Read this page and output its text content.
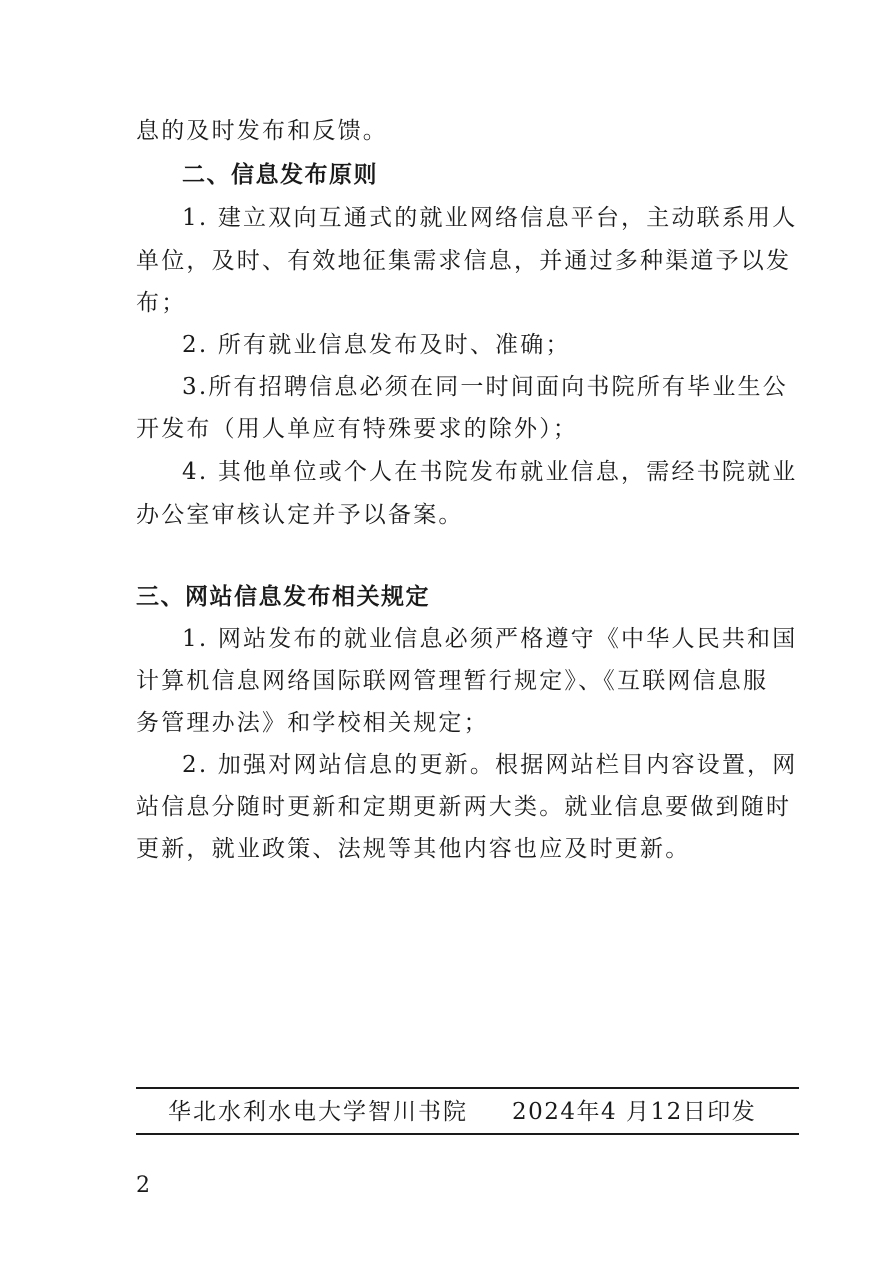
息的及时发布和反馈。
二、信息发布原则
1. 建立双向互通式的就业网络信息平台，主动联系用人
单位，及时、有效地征集需求信息，并通过多种渠道予以发
布；
2. 所有就业信息发布及时、准确；
3.所有招聘信息必须在同一时间面向书院所有毕业生公
开发布（用人单应有特殊要求的除外）；
4. 其他单位或个人在书院发布就业信息，需经书院就业
办公室审核认定并予以备案。
三、网站信息发布相关规定
1. 网站发布的就业信息必须严格遵守《中华人民共和国
计算机信息网络国际联网管理暂行规定》、《互联网信息服
务管理办法》和学校相关规定；
2. 加强对网站信息的更新。根据网站栏目内容设置，网
站信息分随时更新和定期更新两大类。就业信息要做到随时
更新，就业政策、法规等其他内容也应及时更新。
华北水利水电大学智川书院 2024年4 月12日印发
2
